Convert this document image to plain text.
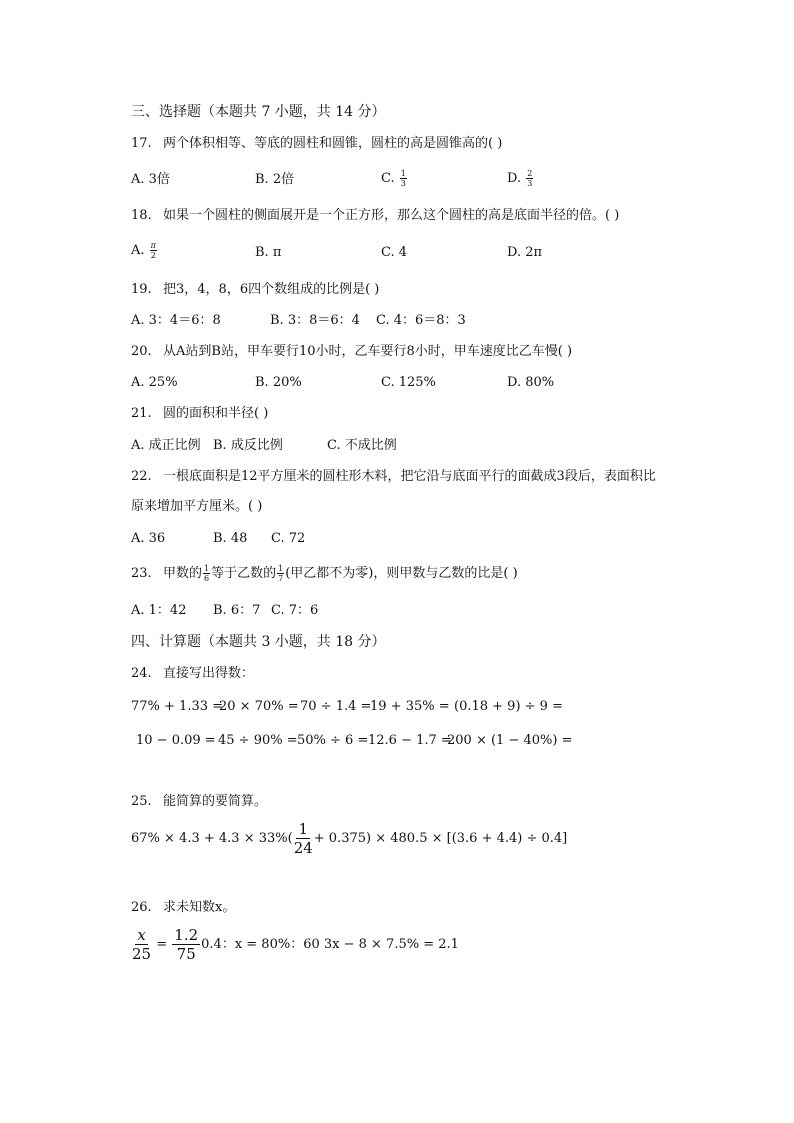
三、选择题（本题共 7 小题，共 14 分）
17. 两个体积相等、等底的圆柱和圆锥，圆柱的高是圆锥高的( )
A. 3倍	B. 2倍	C. $\frac{1}{3}$	D. $\frac{2}{3}$
18. 如果一个圆柱的侧面展开是一个正方形，那么这个圆柱的高是底面半径的倍。( )
A. $\frac{\pi}{2}$	B. π	C. 4	D. 2π
19. 把3，4，8，6四个数组成的比例是( )
A. 3：4＝6：8	B. 3：8＝6：4 C. 4：6＝8：3
20. 从A站到B站，甲车要行10小时，乙车要行8小时，甲车速度比乙车慢( )
A. 25%	B. 20%	C. 125%	D. 80%
21. 圆的面积和半径( )
A. 成正比例 B. 成反比例	C. 不成比例
22. 一根底面积是12平方厘米的圆柱形木料，把它沿与底面平行的面截成3段后，表面积比
原来增加平方厘米。( )
A. 36	B. 48 C. 72
23. 甲数的 $\frac{1}{6}$ 等于乙数的 $\frac{1}{7}$ (甲乙都不为零)，则甲数与乙数的比是( )
A. 1：42 B. 6：7 C. 7：6
四、计算题（本题共 3 小题，共 18 分）
24. 直接写出得数：
77% + 1.33 =
20 × 70% = 70 ÷ 1.4 =
19 + 35% = (0.18 + 9) ÷ 9 =
10 − 0.09 = 45 ÷ 90% = 50% ÷ 6 = 12.6 − 1.7 =
200 × (1 − 40%) =
25. 能简算的要简算。
$67\% \times 4.3 + 4.3 \times 33\%( \frac{1}{24} + 0.375) \times 480.5 \times [(3.6 + 4.4) \div 0.4]$
26. 求未知数x。
$\frac{x}{25} = \frac{1.2}{75} 0.4$：x = 80%：60 3x − 8 × 7.5% = 2.1
